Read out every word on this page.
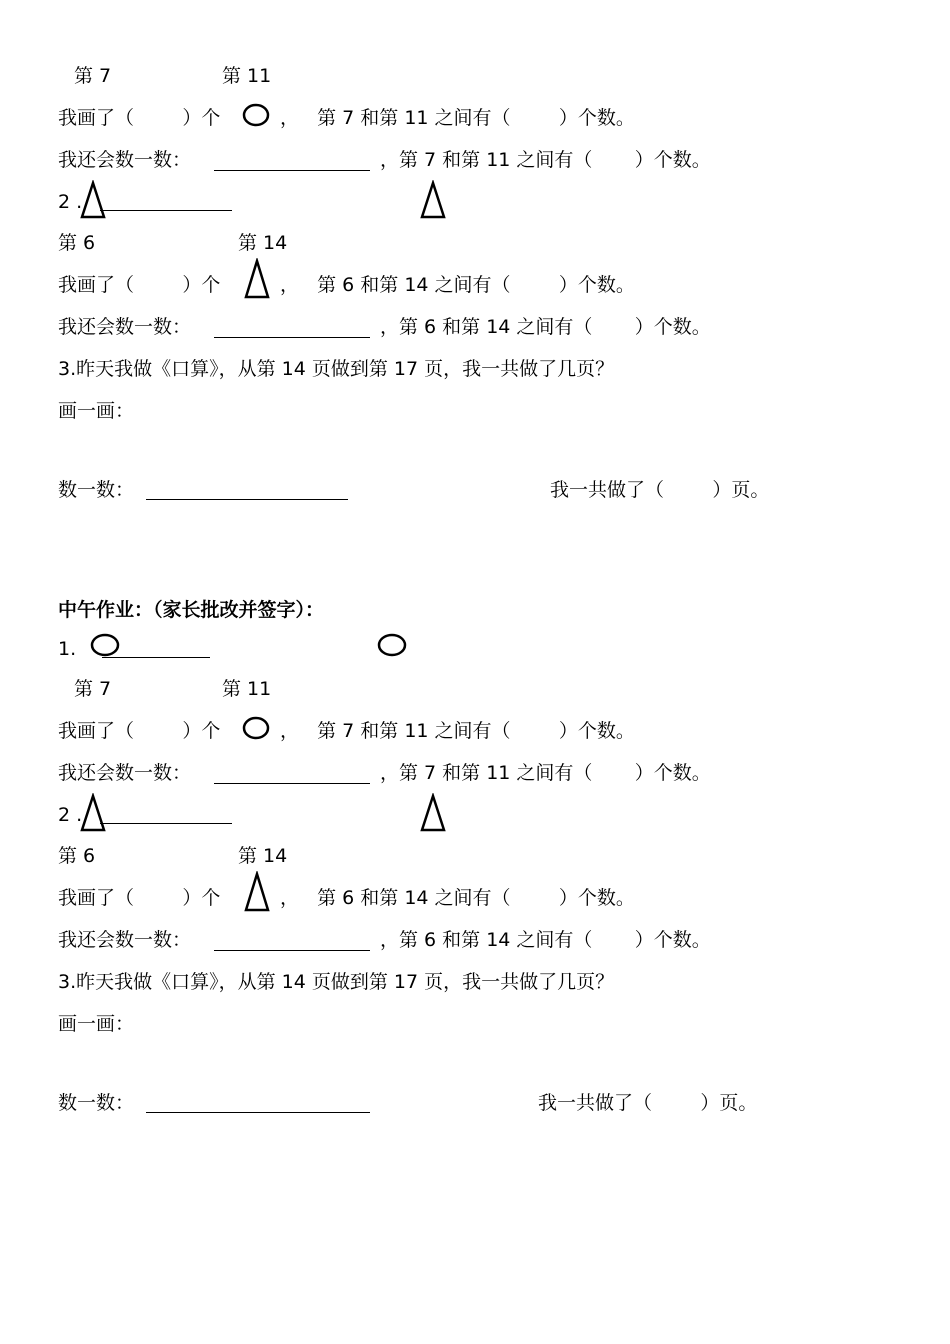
第 7	第 11
我画了（        ）个	，   第 7 和第 11 之间有（        ）个数。
我还会数一数：	，第 7 和第 11 之间有（       ）个数。
2 .
第 6	第 14
我画了（        ）个	，   第 6 和第 14 之间有（        ）个数。
我还会数一数：	，第 6 和第 14 之间有（       ）个数。
3.昨天我做《口算》，从第 14 页做到第 17 页，我一共做了几页？
画一画：
数一数：	我一共做了（        ）页。
中午作业：（家长批改并签字）：
1.
第 7	第 11
我画了（        ）个	，   第 7 和第 11 之间有（        ）个数。
我还会数一数：	，第 7 和第 11 之间有（       ）个数。
2 .
第 6	第 14
我画了（        ）个	，   第 6 和第 14 之间有（        ）个数。
我还会数一数：	，第 6 和第 14 之间有（       ）个数。
3.昨天我做《口算》，从第 14 页做到第 17 页，我一共做了几页？
画一画：
数一数：	我一共做了（        ）页。
